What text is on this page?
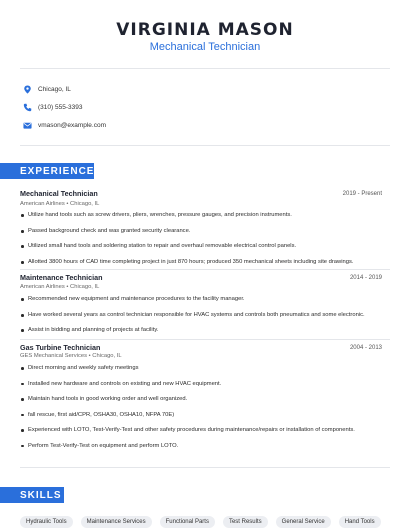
VIRGINIA MASON
Mechanical Technician
Chicago, IL
(310) 555-3393
vmason@example.com
EXPERIENCE
Mechanical Technician	2019 - Present
American Airlines • Chicago, IL
Utilize hand tools such as screw drivers, pliers, wrenches, pressure gauges, and precision instruments.
Passed background check and was granted security clearance.
Utilized small hand tools and soldering station to repair and overhaul removable electrical control panels.
Allotted 3800 hours of CAD time completing project in just 870 hours; produced 350 mechanical sheets including site drawings.
Maintenance Technician	2014 - 2019
American Airlines • Chicago, IL
Recommended new equipment and maintenance procedures to the facility manager.
Have worked several years as control technician responsible for HVAC systems and controls both pneumatics and some electronic.
Assist in bidding and planning of projects at facility.
Gas Turbine Technician	2004 - 2013
GES Mechanical Services • Chicago, IL
Direct morning and weekly safety meetings
Installed new hardware and controls on existing and new HVAC equipment.
Maintain hand tools in good working order and well organized.
fall rescue, first aid/CPR, OSHA30, OSHA10, NFPA 70E)
Experienced with LOTO, Test-Verify-Test and other safety procedures during maintenance/repairs or installation of components.
Perform Test-Verify-Test on equipment and perform LOTO.
SKILLS
Hydraulic Tools	Maintenance Services	Functional Parts	Test Results	General Service	Hand Tools
